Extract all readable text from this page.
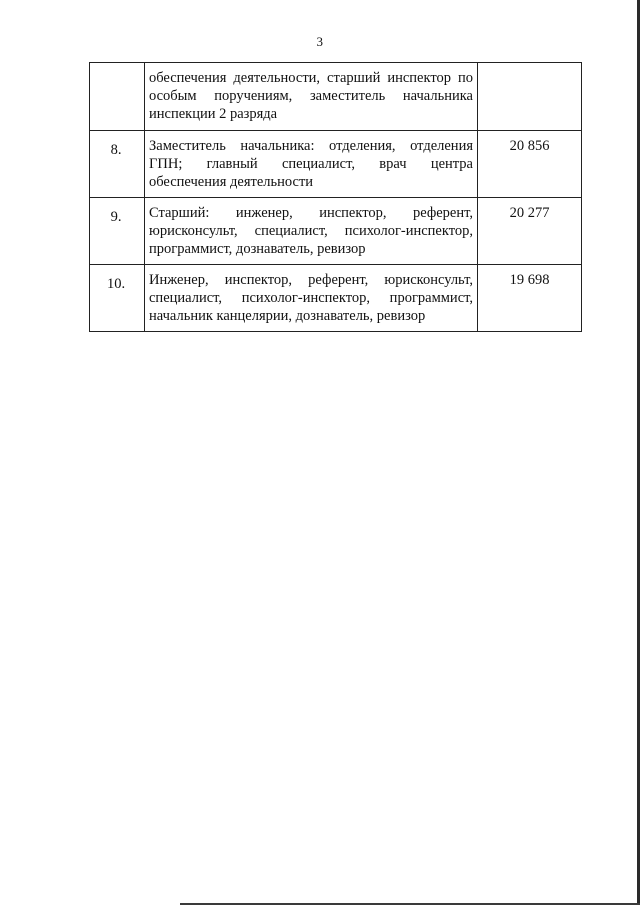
3

	обеспечения деятельности, старший инспектор по
особым поручениям, заместитель начальника
инспекции 2 разряда	

8.	Заместитель начальника: отделения, отделения
ГПН; главный специалист, врач центра
обеспечения деятельности	20 856
9.	Старший: инженер, инспектор, референт,
юрисконсульт, специалист, психолог-инспектор,
программист, дознаватель, ревизор	20 277
10.	Инженер, инспектор, референт, юрисконсульт,
специалист, психолог-инспектор, программист,
начальник канцелярии, дознаватель, ревизор	19 698
